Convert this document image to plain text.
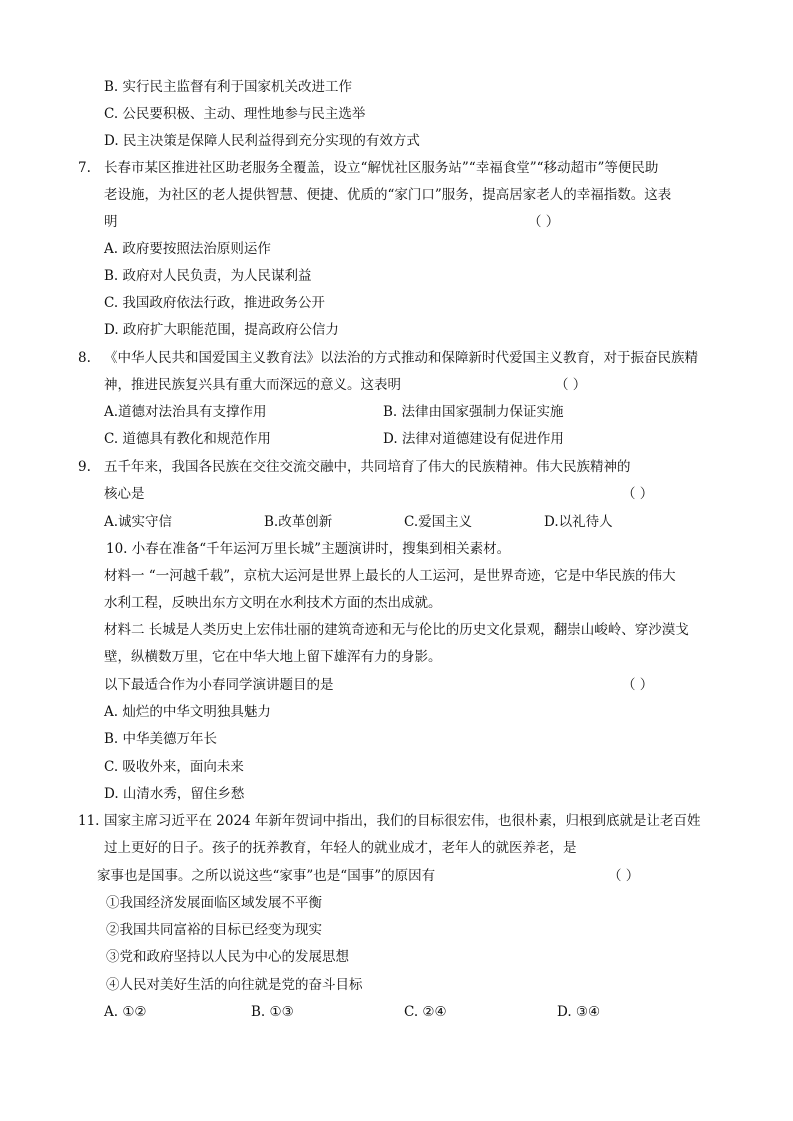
B. 实行民主监督有利于国家机关改进工作
C. 公民要积极、主动、理性地参与民主选举
D. 民主决策是保障人民利益得到充分实现的有效方式
7. 长春市某区推进社区助老服务全覆盖，设立“解忧社区服务站”“幸福食堂”“移动超市”等便民助
老设施，为社区的老人提供智慧、便捷、优质的“家门口”服务，提高居家老人的幸福指数。这表
明	（ ）
A. 政府要按照法治原则运作
B. 政府对人民负责，为人民谋利益
C. 我国政府依法行政，推进政务公开
D. 政府扩大职能范围，提高政府公信力
8. 《中华人民共和国爱国主义教育法》以法治的方式推动和保障新时代爱国主义教育，对于振奋民族精
神，推进民族复兴具有重大而深远的意义。这表明	（ ）
A.道德对法治具有支撑作用	B. 法律由国家强制力保证实施
C. 道德具有教化和规范作用	D. 法律对道德建设有促进作用
9. 五千年来，我国各民族在交往交流交融中，共同培育了伟大的民族精神。伟大民族精神的
核心是	（ ）
A.诚实守信	B.改革创新	C.爱国主义	D.以礼待人
10. 小春在准备“千年运河万里长城”主题演讲时，搜集到相关素材。
材料一 “一河越千载”，京杭大运河是世界上最长的人工运河，是世界奇迹，它是中华民族的伟大
水利工程，反映出东方文明在水利技术方面的杰出成就。
材料二 长城是人类历史上宏伟壮丽的建筑奇迹和无与伦比的历史文化景观，翻崇山峻岭、穿沙漠戈
壁，纵横数万里，它在中华大地上留下雄浑有力的身影。
以下最适合作为小春同学演讲题目的是	（ ）
A. 灿烂的中华文明独具魅力
B. 中华美德万年长
C. 吸收外来，面向未来
D. 山清水秀，留住乡愁
11. 国家主席习近平在 2024 年新年贺词中指出，我们的目标很宏伟，也很朴素，归根到底就是让老百姓
过上更好的日子。孩子的抚养教育，年轻人的就业成才，老年人的就医养老，是
家事也是国事。之所以说这些“家事”也是“国事”的原因有	（ ）
①我国经济发展面临区域发展不平衡
②我国共同富裕的目标已经变为现实
③党和政府坚持以人民为中心的发展思想
④人民对美好生活的向往就是党的奋斗目标
A. ①②	B. ①③	C. ②④	D. ③④
